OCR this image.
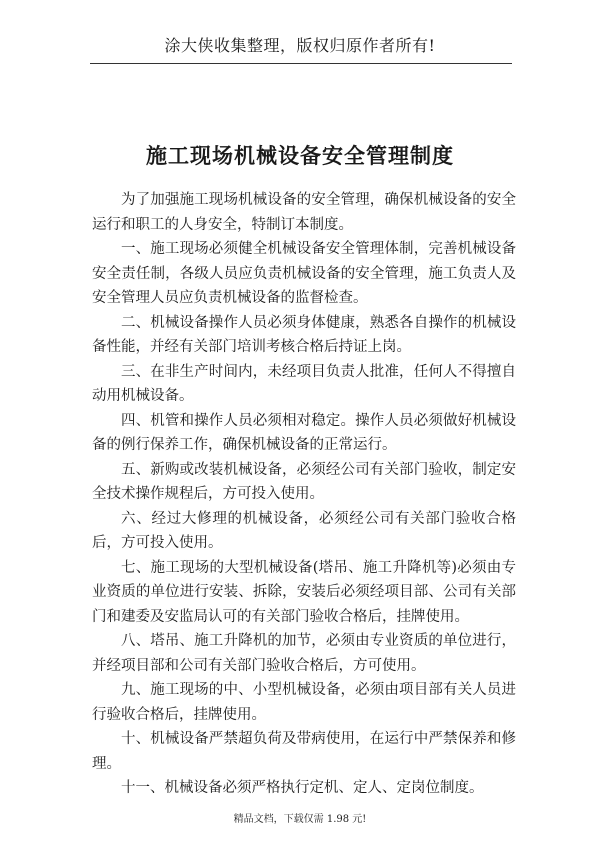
涂大侠收集整理，版权归原作者所有!
施工现场机械设备安全管理制度

为了加强施工现场机械设备的安全管理，确保机械设备的安全运行和职工的人身安全，特制订本制度。

一、施工现场必须健全机械设备安全管理体制，完善机械设备安全责任制，各级人员应负责机械设备的安全管理，施工负责人及安全管理人员应负责机械设备的监督检查。

二、机械设备操作人员必须身体健康，熟悉各自操作的机械设备性能，并经有关部门培训考核合格后持证上岗。

三、在非生产时间内，未经项目负责人批准，任何人不得擅自动用机械设备。

四、机管和操作人员必须相对稳定。操作人员必须做好机械设备的例行保养工作，确保机械设备的正常运行。

五、新购或改装机械设备，必须经公司有关部门验收，制定安全技术操作规程后，方可投入使用。

六、经过大修理的机械设备，必须经公司有关部门验收合格后，方可投入使用。

七、施工现场的大型机械设备(塔吊、施工升降机等)必须由专业资质的单位进行安装、拆除，安装后必须经项目部、公司有关部门和建委及安监局认可的有关部门验收合格后，挂牌使用。

八、塔吊、施工升降机的加节，必须由专业资质的单位进行，并经项目部和公司有关部门验收合格后，方可使用。

九、施工现场的中、小型机械设备，必须由项目部有关人员进行验收合格后，挂牌使用。

十、机械设备严禁超负荷及带病使用，在运行中严禁保养和修理。

十一、机械设备必须严格执行定机、定人、定岗位制度。

精品文档，下载仅需 1.98 元!
